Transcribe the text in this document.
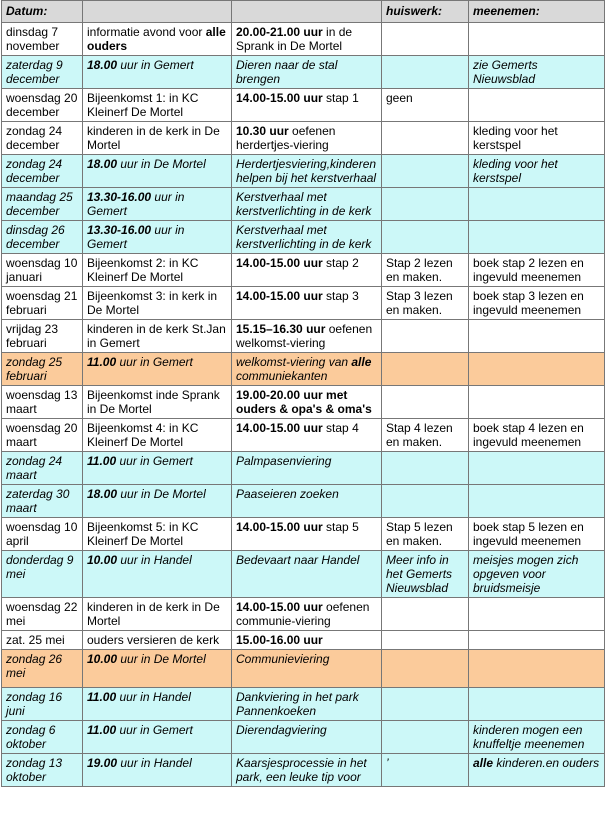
Datum:			huiswerk:	meenemen:
dinsdag 7 november	informatie avond voor alle ouders	20.00-21.00 uur in de Sprank in De Mortel		
zaterdag 9 december	18.00 uur in Gemert	Dieren naar de stal brengen		zie Gemerts Nieuwsblad
woensdag 20 december	Bijeenkomst 1: in KC Kleinerf De Mortel	14.00-15.00 uur stap 1	geen	
zondag 24 december	kinderen in de kerk in De Mortel	10.30 uur oefenen herdertjes-viering		kleding voor het kerstspel
zondag 24 december	18.00 uur in De Mortel	Herdertjesviering,kinderen helpen bij het kerstverhaal		kleding voor het kerstspel
maandag 25 december	13.30-16.00 uur in Gemert	Kerstverhaal met kerstverlichting in de kerk		
dinsdag 26 december	13.30-16.00 uur in Gemert	Kerstverhaal met kerstverlichting in de kerk		
woensdag 10 januari	Bijeenkomst 2: in KC Kleinerf De Mortel	14.00-15.00 uur stap 2	Stap 2 lezen en maken.	boek stap 2 lezen en ingevuld meenemen
woensdag 21 februari	Bijeenkomst 3: in kerk in De Mortel	14.00-15.00 uur stap 3	Stap 3 lezen en maken.	boek stap 3 lezen en ingevuld meenemen
vrijdag 23 februari	kinderen in de kerk St.Jan in Gemert	15.15–16.30 uur oefenen welkomst-viering		
zondag 25 februari	11.00 uur in Gemert	welkomst-viering van alle communiekanten		
woensdag 13 maart	Bijeenkomst inde Sprank in De Mortel	19.00-20.00 uur met ouders & opa's & oma's		
woensdag 20 maart	Bijeenkomst 4: in KC Kleinerf De Mortel	14.00-15.00 uur stap 4	Stap 4 lezen en maken.	boek stap 4 lezen en ingevuld meenemen
zondag 24 maart	11.00 uur in Gemert	Palmpasenviering		
zaterdag 30 maart	18.00 uur in De Mortel	Paaseieren zoeken		
woensdag 10 april	Bijeenkomst 5: in KC Kleinerf De Mortel	14.00-15.00 uur stap 5	Stap 5 lezen en maken.	boek stap 5 lezen en ingevuld meenemen
donderdag 9 mei	10.00 uur in Handel	Bedevaart naar Handel	Meer info in het Gemerts Nieuwsblad	meisjes mogen zich opgeven voor bruidsmeisje
woensdag 22 mei	kinderen in de kerk in De Mortel	14.00-15.00 uur oefenen communie-viering		
zat. 25 mei	ouders versieren de kerk	15.00-16.00 uur		
zondag 26 mei	10.00 uur in De Mortel	Communieviering		
zondag 16 juni	11.00 uur in Handel	Dankviering in het park Pannenkoeken		
zondag 6 oktober	11.00 uur in Gemert	Dierendagviering		kinderen mogen een knuffeltje meenemen
zondag 13 oktober	19.00 uur in Handel	Kaarsjesprocessie in het park, een leuke tip voor	’	alle kinderen.en ouders
